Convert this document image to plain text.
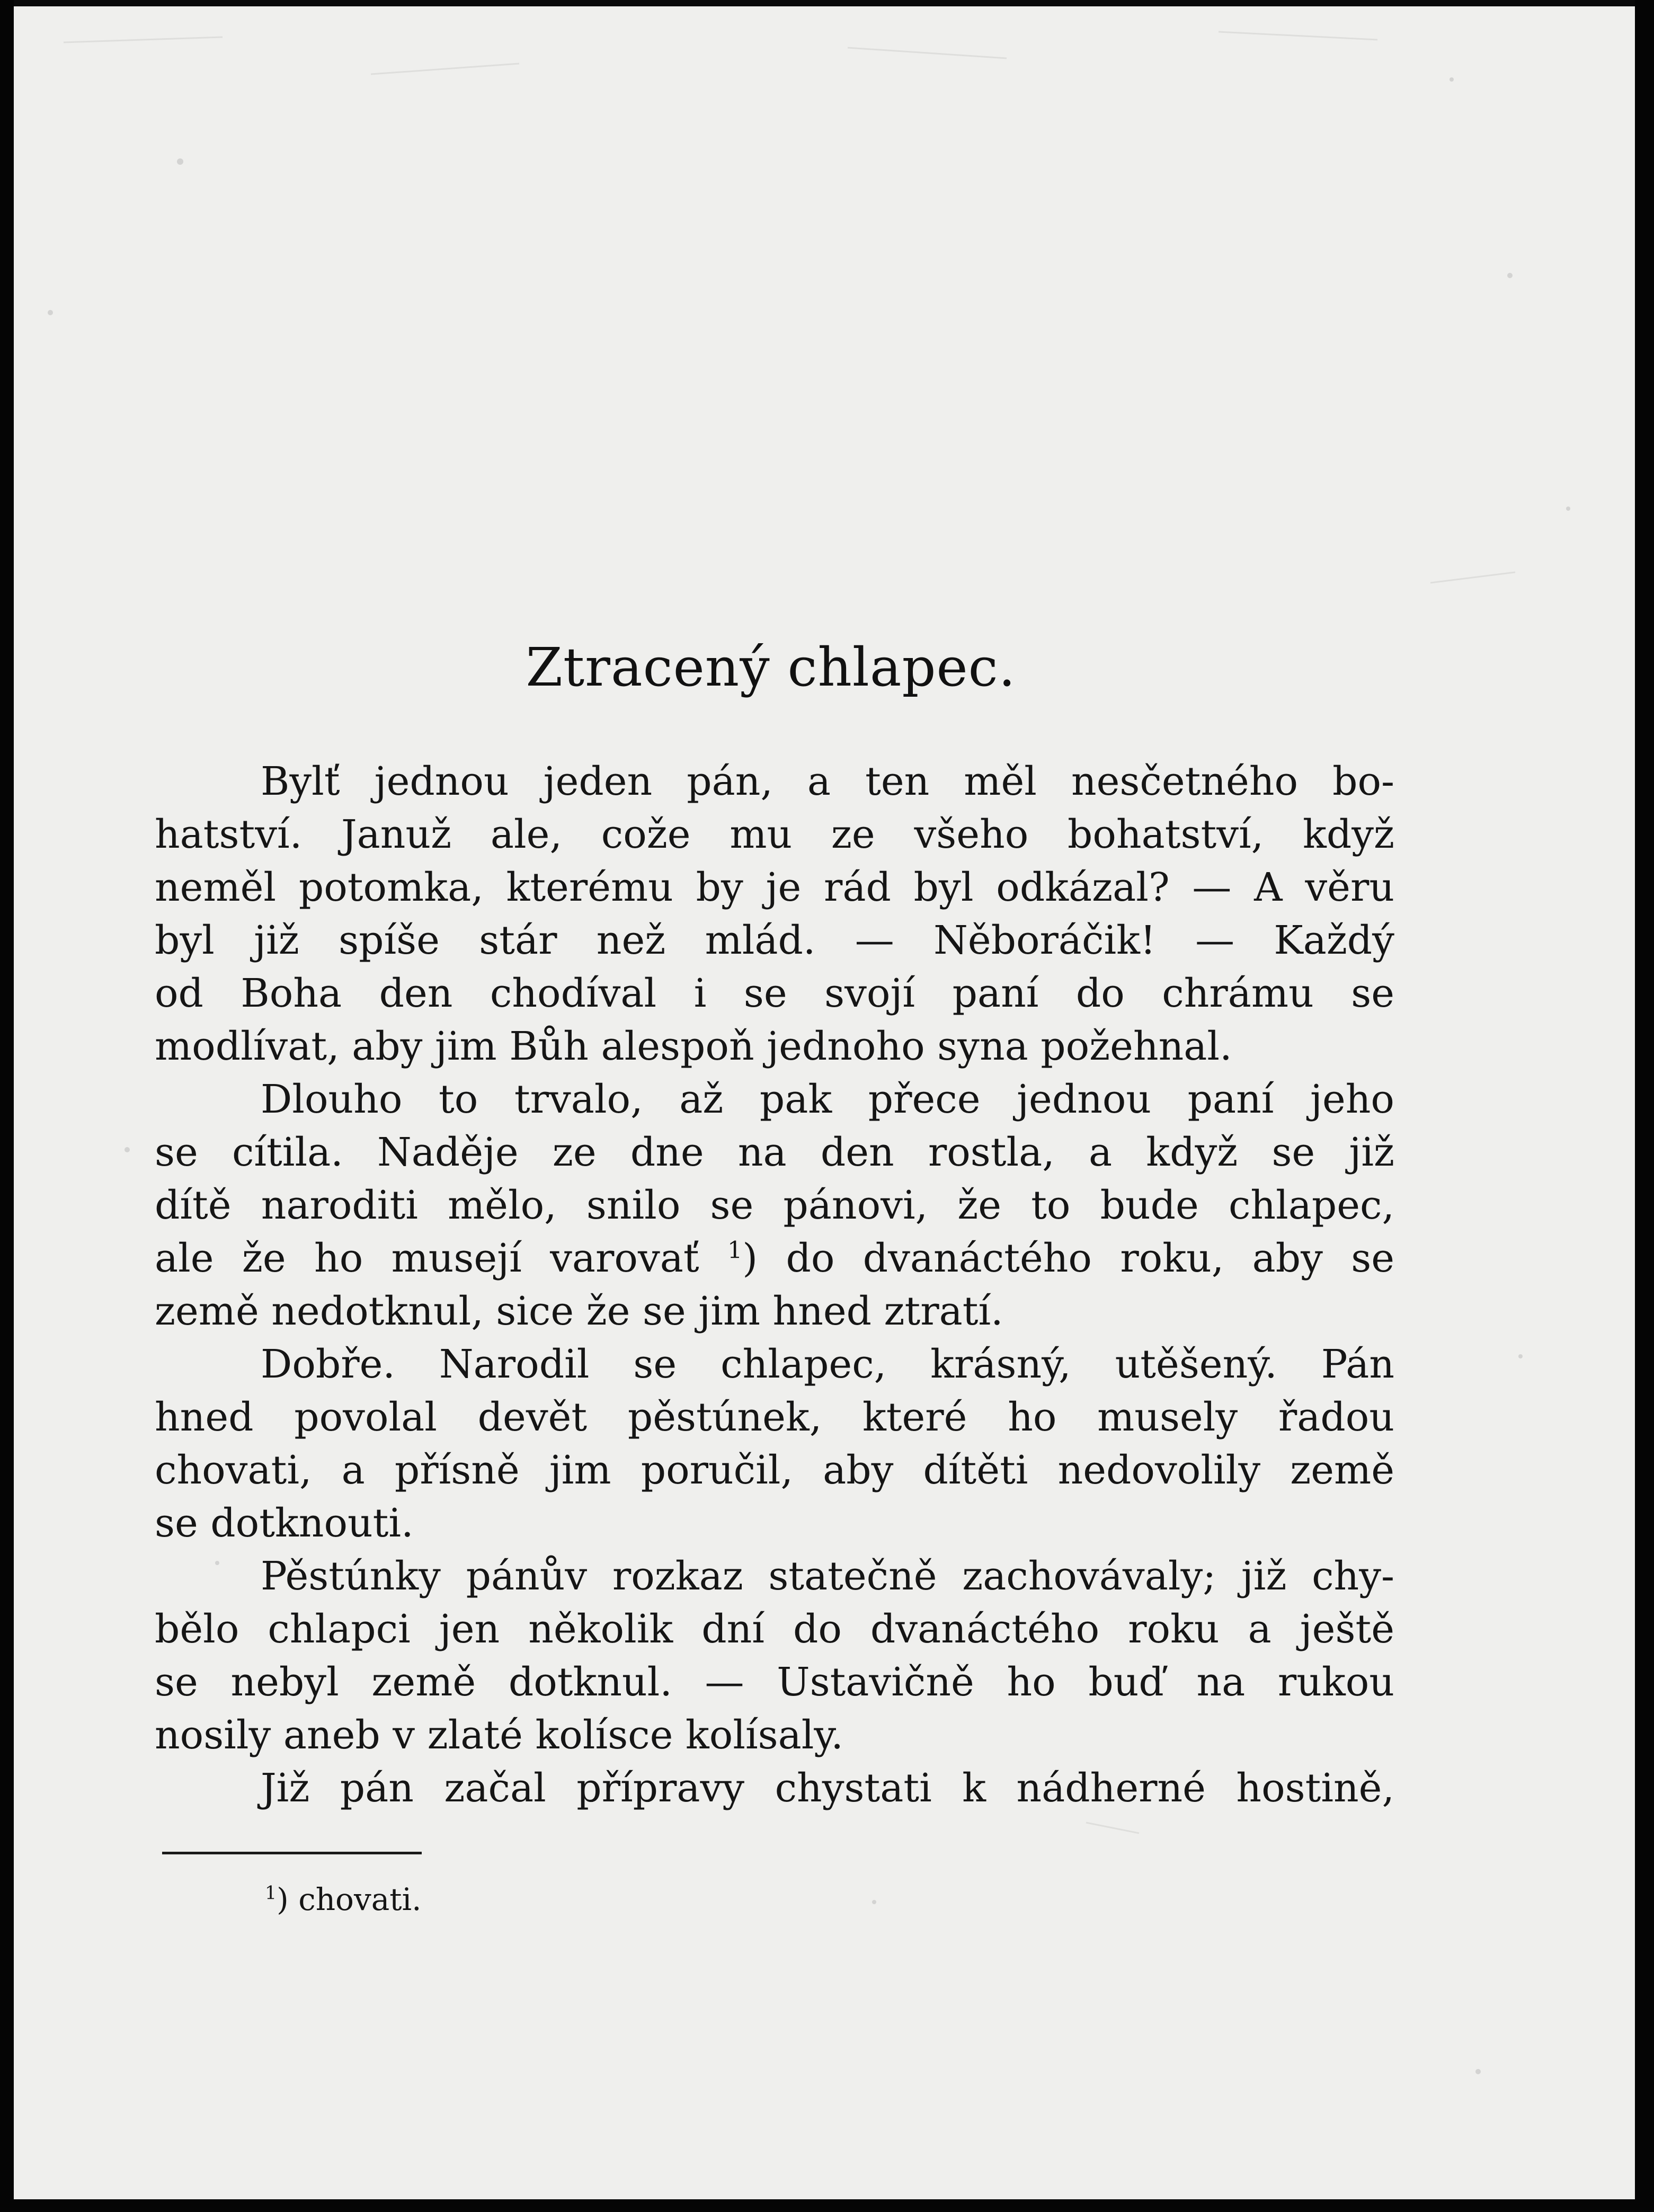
Ztracený chlapec.
Bylť jednou jeden pán, a ten měl nesčetného bo-
hatství. Januž ale, cože mu ze všeho bohatství, když
neměl potomka, kterému by je rád byl odkázal? — A věru
byl již spíše stár než mlád. — Něboráčik! — Každý
od Boha den chodíval i se svojí paní do chrámu se
modlívat, aby jim Bůh alespoň jednoho syna požehnal.
Dlouho to trvalo, až pak přece jednou paní jeho
se cítila. Naděje ze dne na den rostla, a když se již
dítě naroditi mělo, snilo se pánovi, že to bude chlapec,
ale že ho musejí varovať $^1$) do dvanáctého roku, aby se
země nedotknul, sice že se jim hned ztratí.
Dobře. Narodil se chlapec, krásný, utěšený. Pán
hned povolal devět pěstúnek, které ho musely řadou
chovati, a přísně jim poručil, aby dítěti nedovolily země
se dotknouti.
Pěstúnky pánův rozkaz statečně zachovávaly; již chy-
bělo chlapci jen několik dní do dvanáctého roku a ještě
se nebyl země dotknul. — Ustavičně ho buď na rukou
nosily aneb v zlaté kolísce kolísaly.
Již pán začal přípravy chystati k nádherné hostině,
$^1$) chovati.
